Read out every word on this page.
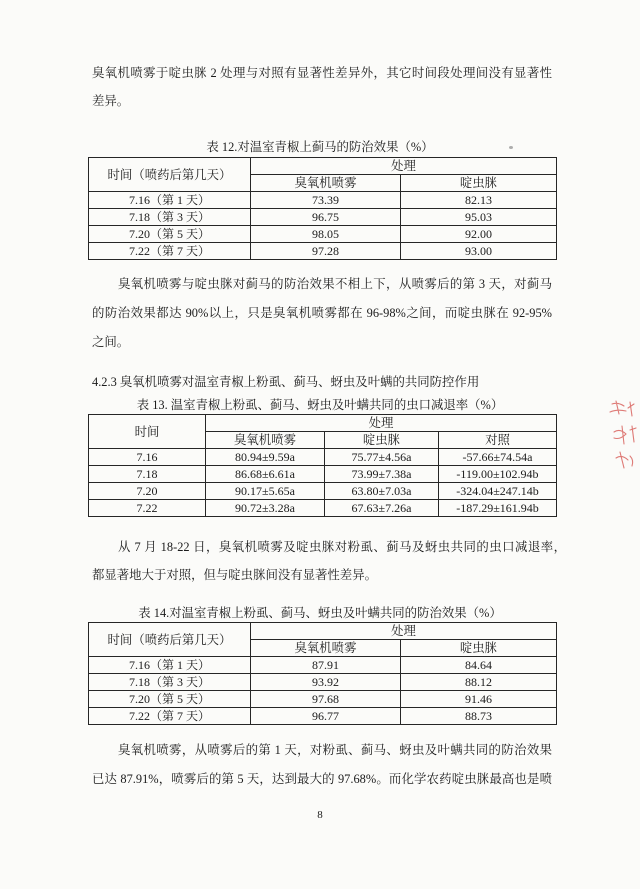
臭氧机喷雾于啶虫脒 2 处理与对照有显著性差异外，其它时间段处理间没有显著性
差异。
表 12.对温室青椒上蓟马的防治效果（%）
时间（喷药后第几天）	处理	
	臭氧机喷雾	啶虫脒
7.16（第 1 天）	73.39	82.13
7.18（第 3 天）	96.75	95.03
7.20（第 5 天）	98.05	92.00
7.22（第 7 天）	97.28	93.00
臭氧机喷雾与啶虫脒对蓟马的防治效果不相上下，从喷雾后的第 3 天，对蓟马
的防治效果都达 90%以上，只是臭氧机喷雾都在 96-98%之间，而啶虫脒在 92-95%
之间。
4.2.3 臭氧机喷雾对温室青椒上粉虱、蓟马、蚜虫及叶螨的共同防控作用
表 13. 温室青椒上粉虱、蓟马、蚜虫及叶螨共同的虫口减退率（%）
时间	处理		
	臭氧机喷雾	啶虫脒	对照
7.16	80.94±9.59a	75.77±4.56a	-57.66±74.54a
7.18	86.68±6.61a	73.99±7.38a	-119.00±102.94b
7.20	90.17±5.65a	63.80±7.03a	-324.04±247.14b
7.22	90.72±3.28a	67.63±7.26a	-187.29±161.94b
从 7 月 18-22 日，臭氧机喷雾及啶虫脒对粉虱、蓟马及蚜虫共同的虫口减退率，
都显著地大于对照，但与啶虫脒间没有显著性差异。
表 14.对温室青椒上粉虱、蓟马、蚜虫及叶螨共同的防治效果（%）
时间（喷药后第几天）	处理	
	臭氧机喷雾	啶虫脒
7.16（第 1 天）	87.91	84.64
7.18（第 3 天）	93.92	88.12
7.20（第 5 天）	97.68	91.46
7.22（第 7 天）	96.77	88.73
臭氧机喷雾，从喷雾后的第 1 天，对粉虱、蓟马、蚜虫及叶螨共同的防治效果
已达 87.91%，喷雾后的第 5 天，达到最大的 97.68%。而化学农药啶虫脒最高也是喷
8
